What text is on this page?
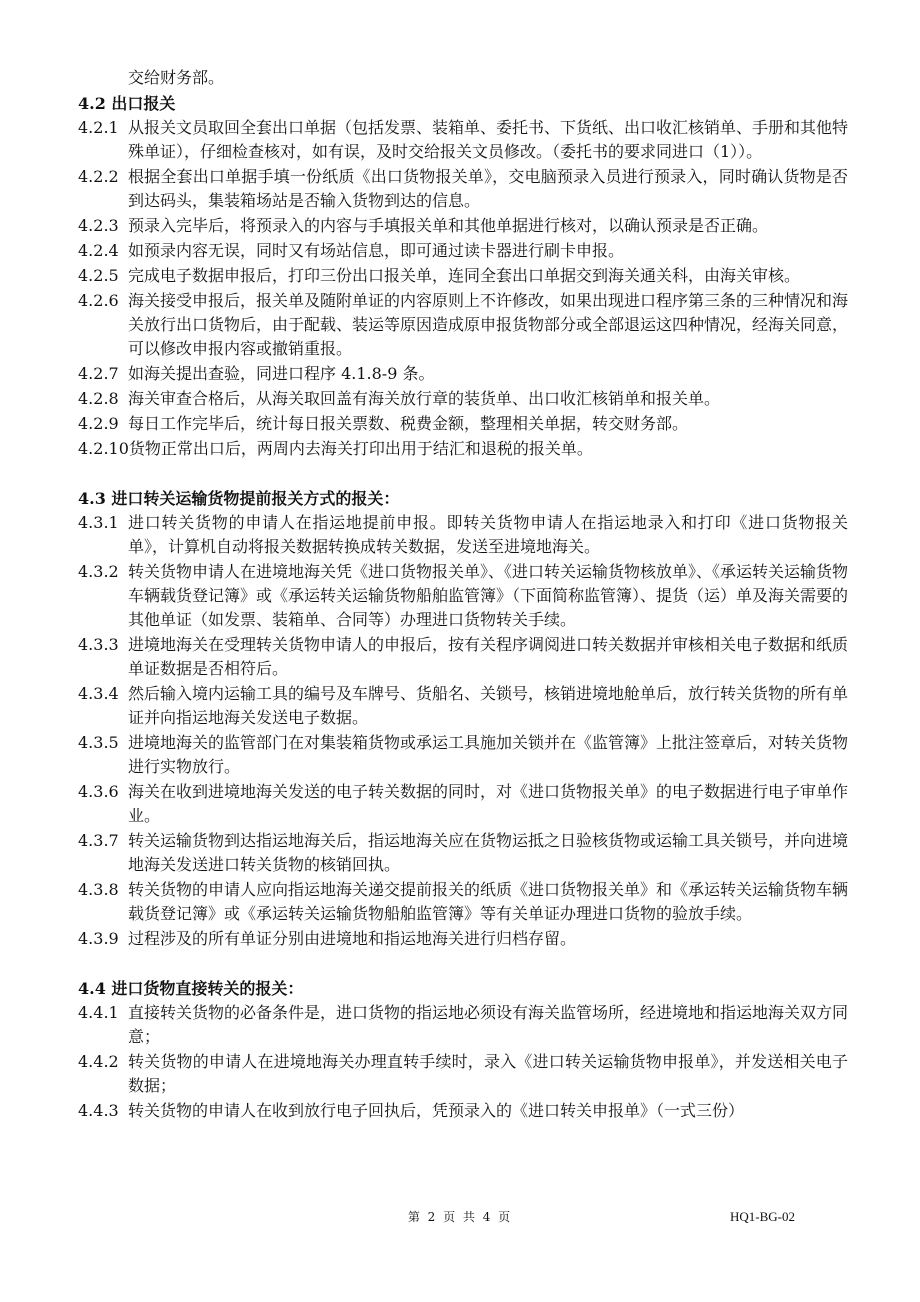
交给财务部。
4.2 出口报关
4.2.1 从报关文员取回全套出口单据（包括发票、装箱单、委托书、下货纸、出口收汇核销单、手册和其他特殊单证），仔细检查核对，如有误，及时交给报关文员修改。（委托书的要求同进口（1））。
4.2.2 根据全套出口单据手填一份纸质《出口货物报关单》，交电脑预录入员进行预录入，同时确认货物是否到达码头，集装箱场站是否输入货物到达的信息。
4.2.3 预录入完毕后，将预录入的内容与手填报关单和其他单据进行核对，以确认预录是否正确。
4.2.4 如预录内容无误，同时又有场站信息，即可通过读卡器进行刷卡申报。
4.2.5 完成电子数据申报后，打印三份出口报关单，连同全套出口单据交到海关通关科，由海关审核。
4.2.6 海关接受申报后，报关单及随附单证的内容原则上不许修改，如果出现进口程序第三条的三种情况和海关放行出口货物后，由于配载、装运等原因造成原申报货物部分或全部退运这四种情况，经海关同意，可以修改申报内容或撤销重报。
4.2.7 如海关提出查验，同进口程序 4.1.8-9 条。
4.2.8 海关审查合格后，从海关取回盖有海关放行章的装货单、出口收汇核销单和报关单。
4.2.9 每日工作完毕后，统计每日报关票数、税费金额，整理相关单据，转交财务部。
4.2.10 货物正常出口后，两周内去海关打印出用于结汇和退税的报关单。
4.3 进口转关运输货物提前报关方式的报关：
4.3.1 进口转关货物的申请人在指运地提前申报。即转关货物申请人在指运地录入和打印《进口货物报关单》，计算机自动将报关数据转换成转关数据，发送至进境地海关。
4.3.2 转关货物申请人在进境地海关凭《进口货物报关单》、《进口转关运输货物核放单》、《承运转关运输货物车辆载货登记簿》或《承运转关运输货物船舶监管簿》（下面简称监管簿）、提货（运）单及海关需要的其他单证（如发票、装箱单、合同等）办理进口货物转关手续。
4.3.3 进境地海关在受理转关货物申请人的申报后，按有关程序调阅进口转关数据并审核相关电子数据和纸质单证数据是否相符后。
4.3.4 然后输入境内运输工具的编号及车牌号、货船名、关锁号，核销进境地舱单后，放行转关货物的所有单证并向指运地海关发送电子数据。
4.3.5 进境地海关的监管部门在对集装箱货物或承运工具施加关锁并在《监管簿》上批注签章后，对转关货物进行实物放行。
4.3.6 海关在收到进境地海关发送的电子转关数据的同时，对《进口货物报关单》的电子数据进行电子审单作业。
4.3.7 转关运输货物到达指运地海关后，指运地海关应在货物运抵之日验核货物或运输工具关锁号，并向进境地海关发送进口转关货物的核销回执。
4.3.8 转关货物的申请人应向指运地海关递交提前报关的纸质《进口货物报关单》和《承运转关运输货物车辆载货登记簿》或《承运转关运输货物船舶监管簿》等有关单证办理进口货物的验放手续。
4.3.9 过程涉及的所有单证分别由进境地和指运地海关进行归档存留。
4.4 进口货物直接转关的报关：
4.4.1 直接转关货物的必备条件是，进口货物的指运地必须设有海关监管场所，经进境地和指运地海关双方同意；
4.4.2 转关货物的申请人在进境地海关办理直转手续时，录入《进口转关运输货物申报单》，并发送相关电子数据；
4.4.3 转关货物的申请人在收到放行电子回执后，凭预录入的《进口转关申报单》（一式三份）
第 2 页 共 4 页	HQ1-BG-02
